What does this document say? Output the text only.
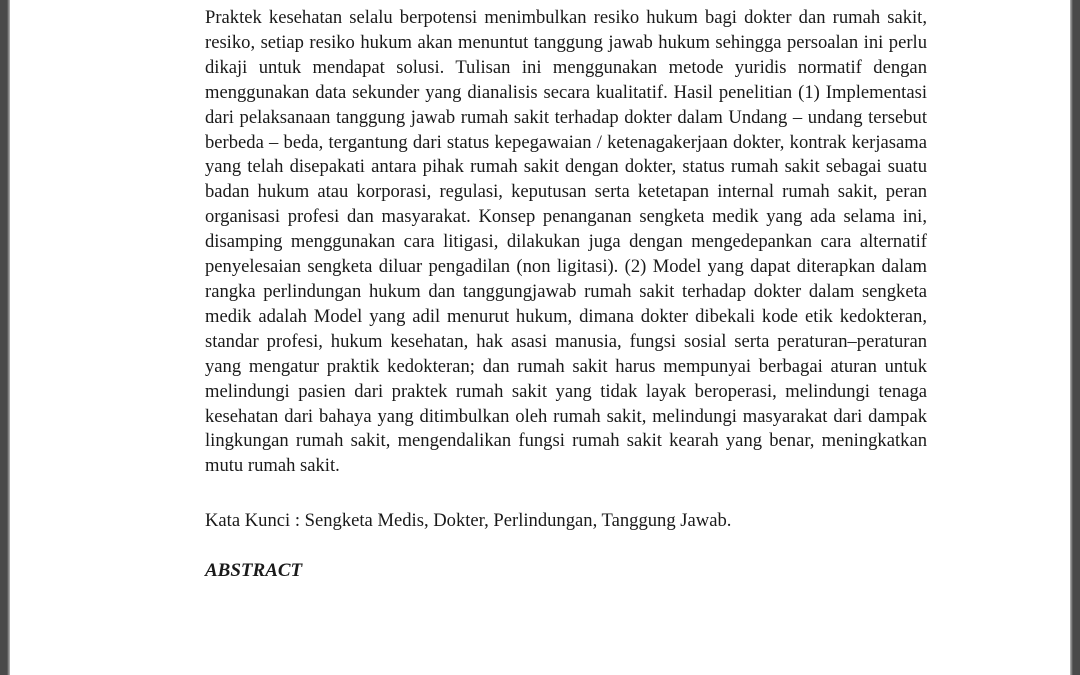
Praktek kesehatan selalu berpotensi menimbulkan resiko hukum bagi dokter dan rumah sakit, resiko, setiap resiko hukum akan menuntut tanggung jawab hukum sehingga persoalan ini perlu dikaji untuk mendapat solusi. Tulisan ini menggunakan metode yuridis normatif dengan menggunakan data sekunder yang dianalisis secara kualitatif. Hasil penelitian (1) Implementasi dari pelaksanaan tanggung jawab rumah sakit terhadap dokter dalam Undang – undang tersebut berbeda – beda, tergantung dari status kepegawaian / ketenagakerjaan dokter, kontrak kerjasama yang telah disepakati antara pihak rumah sakit dengan dokter, status rumah sakit sebagai suatu badan hukum atau korporasi, regulasi, keputusan serta ketetapan internal rumah sakit, peran organisasi profesi dan masyarakat. Konsep penanganan sengketa medik yang ada selama ini, disamping menggunakan cara litigasi, dilakukan juga dengan mengedepankan cara alternatif penyelesaian sengketa diluar pengadilan (non ligitasi). (2) Model yang dapat diterapkan dalam rangka perlindungan hukum dan tanggungjawab rumah sakit terhadap dokter dalam sengketa medik adalah Model yang adil menurut hukum, dimana dokter dibekali kode etik kedokteran, standar profesi, hukum kesehatan, hak asasi manusia, fungsi sosial serta peraturan–peraturan yang mengatur praktik kedokteran; dan rumah sakit harus mempunyai berbagai aturan untuk melindungi pasien dari praktek rumah sakit yang tidak layak beroperasi, melindungi tenaga kesehatan dari bahaya yang ditimbulkan oleh rumah sakit, melindungi masyarakat dari dampak lingkungan rumah sakit, mengendalikan fungsi rumah sakit kearah yang benar, meningkatkan mutu rumah sakit.

Kata Kunci : Sengketa Medis, Dokter, Perlindungan, Tanggung Jawab.

ABSTRACT
